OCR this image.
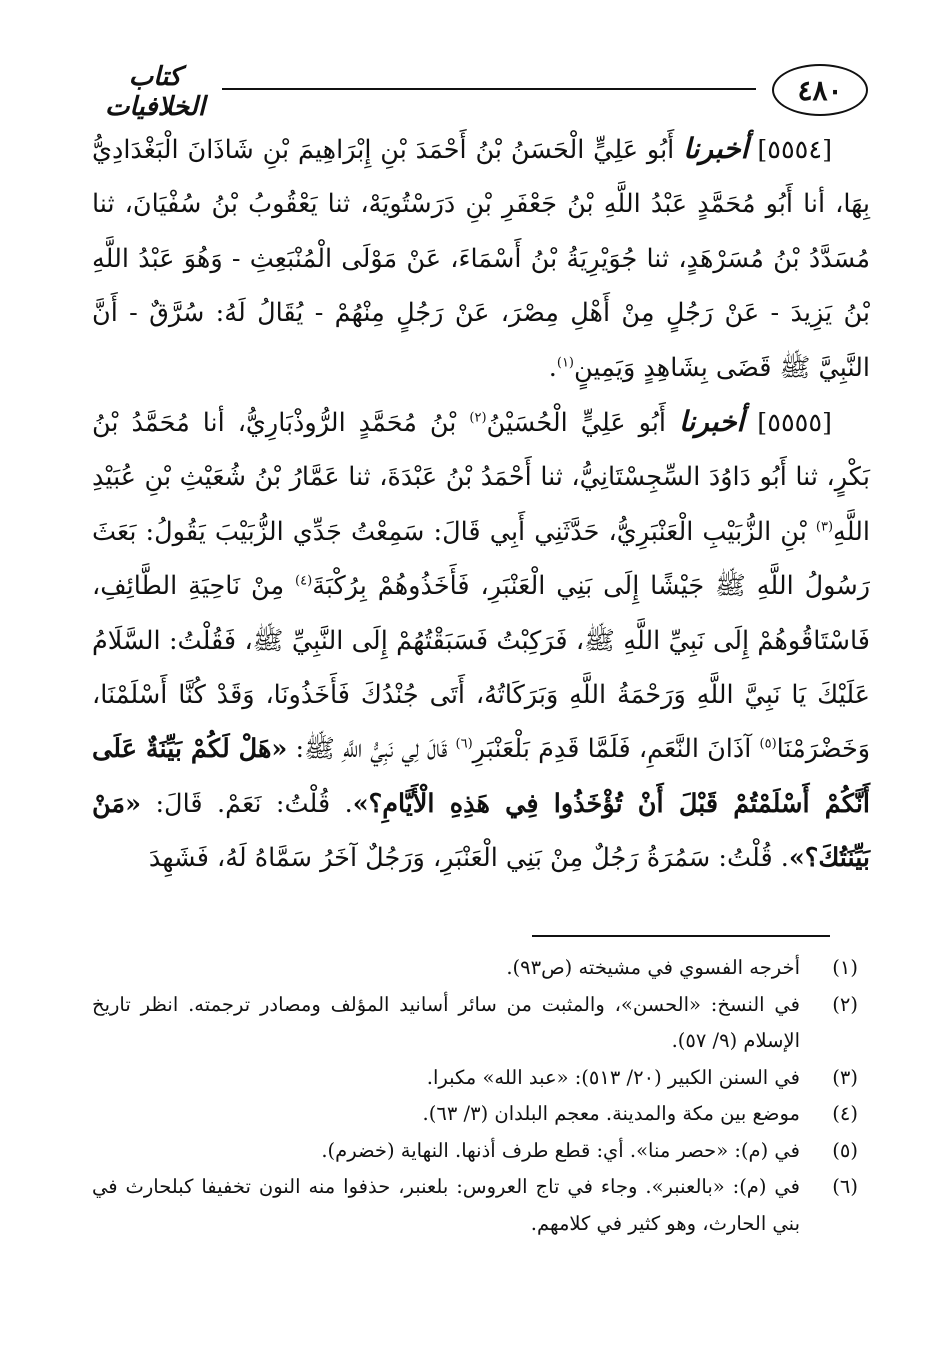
٤٨٠
كتاب الخلافيات

[٥٥٥٤] أخبرنا أَبُو عَلِيٍّ الْحَسَنُ بْنُ أَحْمَدَ بْنِ إِبْرَاهِيمَ بْنِ شَاذَانَ الْبَغْدَادِيُّ بِهَا، أنا أَبُو مُحَمَّدٍ عَبْدُ اللَّهِ بْنُ جَعْفَرِ بْنِ دَرَسْتُويَهْ، ثنا يَعْقُوبُ بْنُ سُفْيَانَ، ثنا مُسَدَّدُ بْنُ مُسَرْهَدٍ، ثنا جُوَيْرِيَةُ بْنُ أَسْمَاءَ، عَنْ مَوْلَى الْمُنْبَعِثِ - وَهُوَ عَبْدُ اللَّهِ بْنُ يَزِيدَ - عَنْ رَجُلٍ مِنْ أَهْلِ مِصْرَ، عَنْ رَجُلٍ مِنْهُمْ - يُقَالُ لَهُ: سُرَّقٌ - أَنَّ النَّبِيَّ ﷺ قَضَى بِشَاهِدٍ وَيَمِينٍ$^{(١)}$.

[٥٥٥٥] أخبرنا أَبُو عَلِيٍّ الْحُسَيْنُ$^{(٢)}$ بْنُ مُحَمَّدٍ الرُّوذْبَارِيُّ، أنا مُحَمَّدُ بْنُ بَكْرٍ، ثنا أَبُو دَاوُدَ السِّجِسْتَانِيُّ، ثنا أَحْمَدُ بْنُ عَبْدَةَ، ثنا عَمَّارُ بْنُ شُعَيْثِ بْنِ عُبَيْدِ اللَّهِ$^{(٣)}$ بْنِ الزُّبَيْبِ الْعَنْبَرِيُّ، حَدَّثَنِي أَبِي قَالَ: سَمِعْتُ جَدِّي الزُّبَيْبَ يَقُولُ: بَعَثَ رَسُولُ اللَّهِ ﷺ جَيْشًا إِلَى بَنِي الْعَنْبَرِ، فَأَخَذُوهُمْ بِرُكْبَةَ$^{(٤)}$ مِنْ نَاحِيَةِ الطَّائِفِ، فَاسْتَاقُوهُمْ إِلَى نَبِيِّ اللَّهِ ﷺ، فَرَكِبْتُ فَسَبَقْتُهُمْ إِلَى النَّبِيِّ ﷺ، فَقُلْتُ: السَّلَامُ عَلَيْكَ يَا نَبِيَّ اللَّهِ وَرَحْمَةُ اللَّهِ وَبَرَكَاتُهُ، أَتَى جُنْدُكَ فَأَخَذُونَا، وَقَدْ كُنَّا أَسْلَمْنَا، وَخَضْرَمْنَا$^{(٥)}$ آذَانَ النَّعَمِ، فَلَمَّا قَدِمَ بَلْعَنْبَرِ$^{(٦)}$ قَالَ لِي نَبِيُّ اللَّهِ ﷺ: «هَلْ لَكُمْ بَيِّنَةٌ عَلَى أَنَّكُمْ أَسْلَمْتُمْ قَبْلَ أَنْ تُؤْخَذُوا فِي هَذِهِ الْأَيَّامِ؟». قُلْتُ: نَعَمْ. قَالَ: «مَنْ بَيِّنَتُكَ؟». قُلْتُ: سَمُرَةُ رَجُلٌ مِنْ بَنِي الْعَنْبَرِ، وَرَجُلٌ آخَرُ سَمَّاهُ لَهُ، فَشَهِدَ

(١)
أخرجه الفسوي في مشيخته (ص٩٣).
(٢)
في النسخ: «الحسن»، والمثبت من سائر أسانيد المؤلف ومصادر ترجمته. انظر تاريخ الإسلام (٩/ ٥٧).
(٣)
في السنن الكبير (٢٠/ ٥١٣): «عبد الله» مكبرا.
(٤)
موضع بين مكة والمدينة. معجم البلدان (٣/ ٦٣).
(٥)
في (م): «حصر منا». أي: قطع طرف أذنها. النهاية (خضرم).
(٦)
في (م): «بالعنبر». وجاء في تاج العروس: بلعنبر، حذفوا منه النون تخفيفا كبلحارث في بني الحارث، وهو كثير في كلامهم.
